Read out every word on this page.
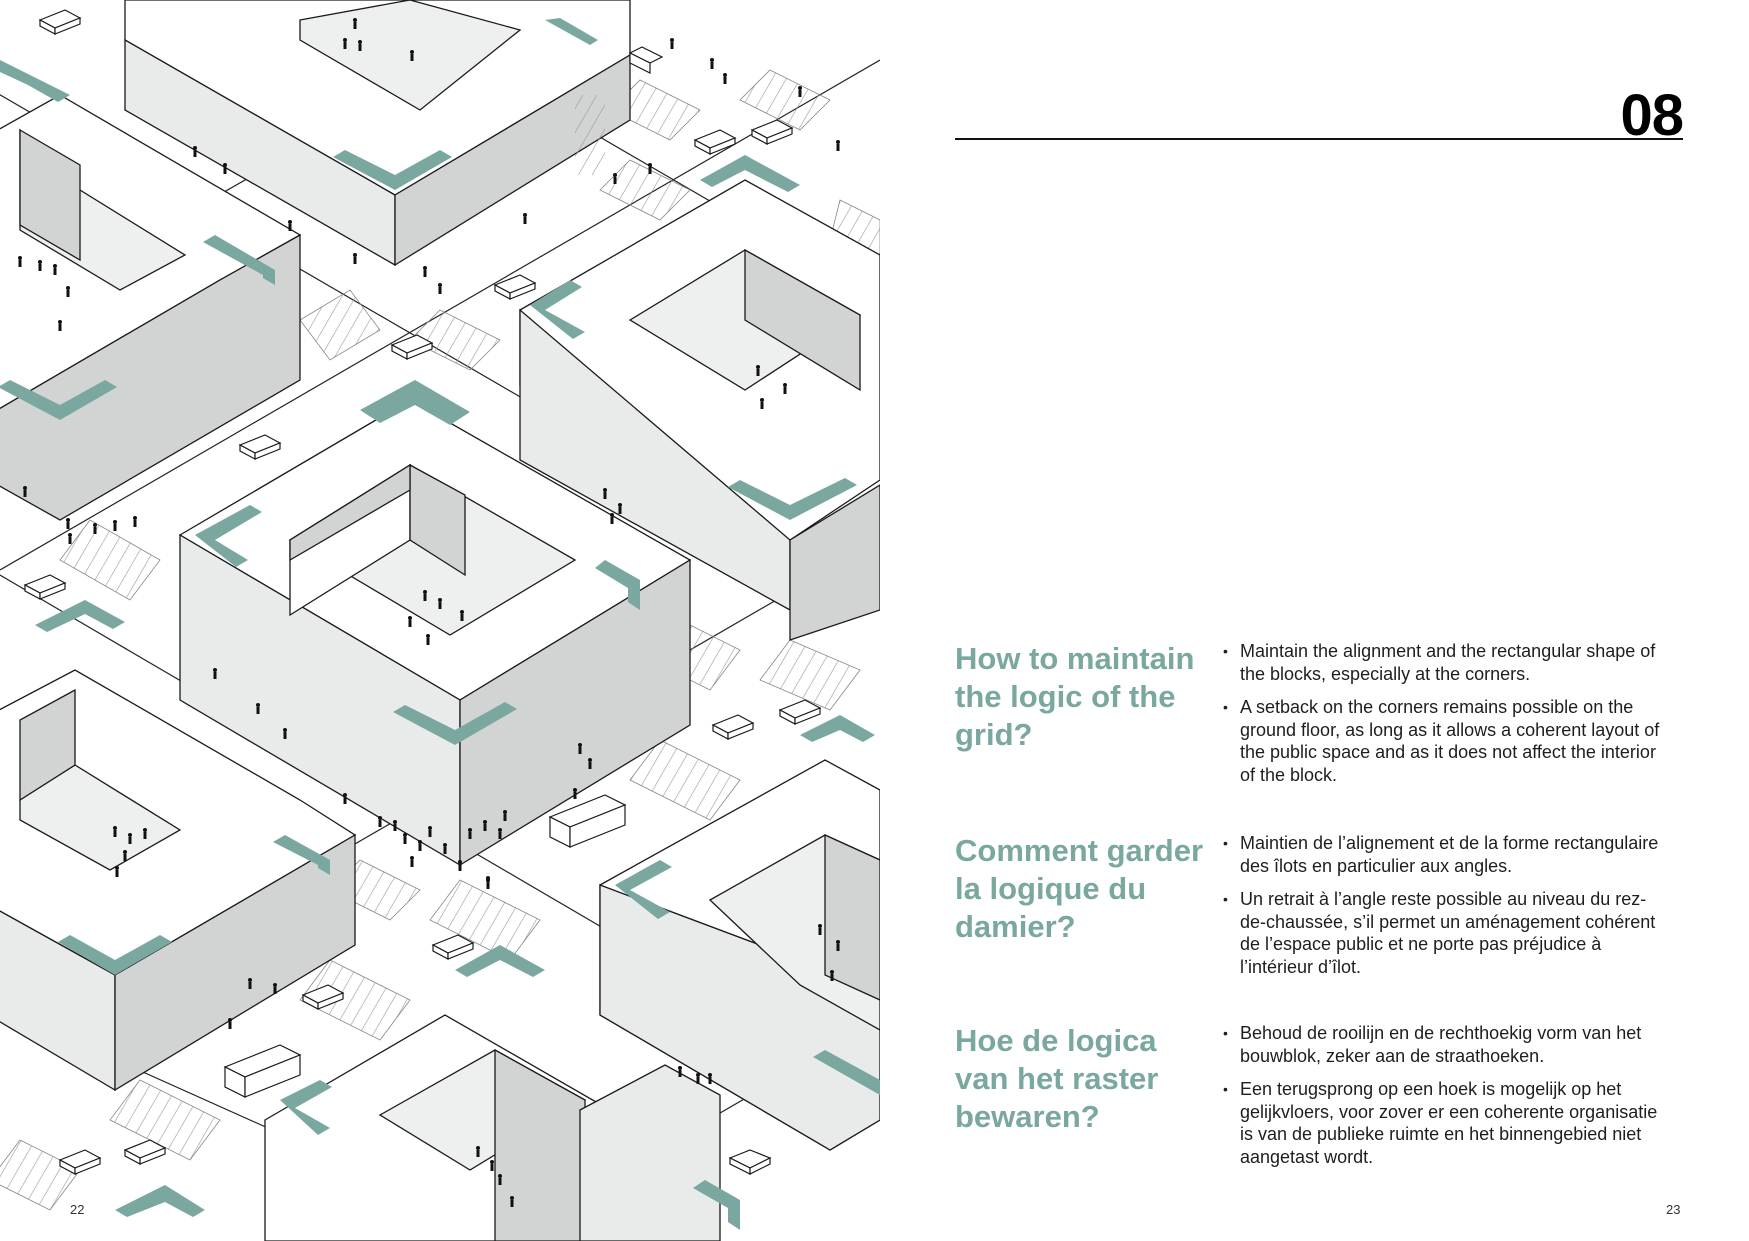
22
08
How to maintain the logic of the grid?
• Maintain the alignment and the rectangular shape of the blocks, especially at the corners.
• A setback on the corners remains possible on the ground floor, as long as it allows a coherent layout of the public space and as it does not affect the interior of the block.
Comment garder la logique du damier?
• Maintien de l’alignement et de la forme rectangulaire des îlots en particulier aux angles.
• Un retrait à l’angle reste possible au niveau du rez-de-chaussée, s’il permet un aménagement cohérent de l’espace public et ne porte pas préjudice à l’intérieur d’îlot.
Hoe de logica van het raster bewaren?
• Behoud de rooilijn en de rechthoekig vorm van het bouwblok, zeker aan de straathoeken.
• Een terugsprong op een hoek is mogelijk op het gelijkvloers, voor zover er een coherente organisatie is van de publieke ruimte en het binnengebied niet aangetast wordt.
23
